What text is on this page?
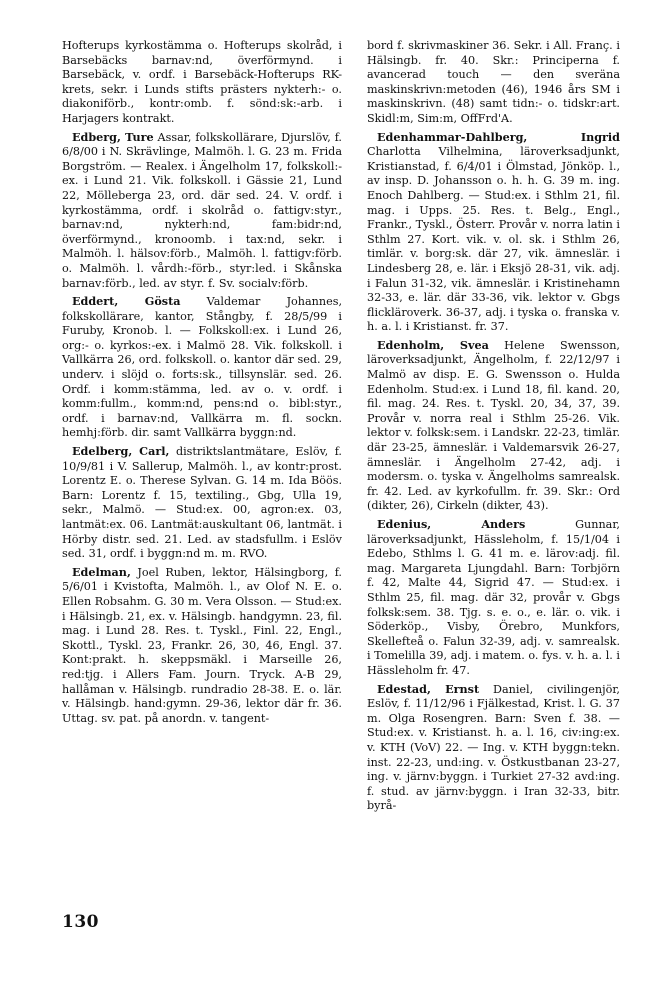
Hofterups kyrkostämma o. Hofterups skolråd, i Barsebäcks barnav:nd, överförmynd. i Barsebäck, v. ordf. i Barsebäck-Hofterups RK-krets, sekr. i Lunds stifts prästers nykterh:- o. diakoniförb., kontr:omb. f. sönd:sk:-arb. i Harjagers kontrakt.

Edberg, Ture Assar, folkskollärare, Djurslöv, f. 6/8/00 i N. Skrävlinge, Malmöh. l. G. 23 m. Frida Borgström. — Realex. i Ängelholm 17, folkskoll:-ex. i Lund 21. Vik. folkskoll. i Gässie 21, Lund 22, Mölleberga 23, ord. där sed. 24. V. ordf. i kyrkostämma, ordf. i skolråd o. fattigv:styr., barnav:nd, nykterh:nd, fam:bidr:nd, överförmynd., kronoomb. i tax:nd, sekr. i Malmöh. l. hälsov:förb., Malmöh. l. fattigv:förb. o. Malmöh. l. vårdh:-förb., styr:led. i Skånska barnav:förb., led. av styr. f. Sv. socialv:förb.

Eddert, Gösta Valdemar Johannes, folkskollärare, kantor, Stångby, f. 28/5/99 i Furuby, Kronob. l. — Folkskoll:ex. i Lund 26, org:- o. kyrkos:-ex. i Malmö 28. Vik. folkskoll. i Vallkärra 26, ord. folkskoll. o. kantor där sed. 29, underv. i slöjd o. forts:sk., tillsynslär. sed. 26. Ordf. i komm:stämma, led. av o. v. ordf. i komm:fullm., komm:nd, pens:nd o. bibl:styr., ordf. i barnav:nd, Vallkärra m. fl. sockn. hemhj:förb. dir. samt Vallkärra byggn:nd.

Edelberg, Carl, distriktslantmätare, Eslöv, f. 10/9/81 i V. Sallerup, Malmöh. l., av kontr:prost. Lorentz E. o. Therese Sylvan. G. 14 m. Ida Böös. Barn: Lorentz f. 15, textiling., Gbg, Ulla 19, sekr., Malmö. — Stud:ex. 00, agron:ex. 03, lantmät:ex. 06. Lantmät:auskultant 06, lantmät. i Hörby distr. sed. 21. Led. av stadsfullm. i Eslöv sed. 31, ordf. i byggn:nd m. m. RVO.

Edelman, Joel Ruben, lektor, Hälsingborg, f. 5/6/01 i Kvistofta, Malmöh. l., av Olof N. E. o. Ellen Robsahm. G. 30 m. Vera Olsson. — Stud:ex. i Hälsingb. 21, ex. v. Hälsingb. handgymn. 23, fil. mag. i Lund 28. Res. t. Tyskl., Finl. 22, Engl., Skottl., Tyskl. 23, Frankr. 26, 30, 46, Engl. 37. Kont:prakt. h. skeppsmäkl. i Marseille 26, red:tjg. i Allers Fam. Journ. Tryck. A-B 29, hallåman v. Hälsingb. rundradio 28-38. E. o. lär. v. Hälsingb. hand:gymn. 29-36, lektor där fr. 36. Uttag. sv. pat. på anordn. v. tangent-

bord f. skrivmaskiner 36. Sekr. i All. Franç. i Hälsingb. fr. 40. Skr.: Principerna f. avancerad touch — den sveräna maskinskrivn:metoden (46), 1946 års SM i maskinskrivn. (48) samt tidn:- o. tidskr:art. Skidl:m, Sim:m, OffFrd'A.

Edenhammar-Dahlberg, Ingrid Charlotta Vilhelmina, läroverksadjunkt, Kristianstad, f. 6/4/01 i Ölmstad, Jönköp. l., av insp. D. Johansson o. h. h. G. 39 m. ing. Enoch Dahlberg. — Stud:ex. i Sthlm 21, fil. mag. i Upps. 25. Res. t. Belg., Engl., Frankr., Tyskl., Österr. Provår v. norra latin i Sthlm 27. Kort. vik. v. ol. sk. i Sthlm 26, timlär. v. borg:sk. där 27, vik. ämneslär. i Lindesberg 28, e. lär. i Eksjö 28-31, vik. adj. i Falun 31-32, vik. ämneslär. i Kristinehamn 32-33, e. lär. där 33-36, vik. lektor v. Gbgs flickläroverk. 36-37, adj. i tyska o. franska v. h. a. l. i Kristianst. fr. 37.

Edenholm, Svea Helene Swensson, läroverksadjunkt, Ängelholm, f. 22/12/97 i Malmö av disp. E. G. Swensson o. Hulda Edenholm. Stud:ex. i Lund 18, fil. kand. 20, fil. mag. 24. Res. t. Tyskl. 20, 34, 37, 39. Provår v. norra real i Sthlm 25-26. Vik. lektor v. folksk:sem. i Landskr. 22-23, timlär. där 23-25, ämneslär. i Valdemarsvik 26-27, ämneslär. i Ängelholm 27-42, adj. i modersm. o. tyska v. Ängelholms samrealsk. fr. 42. Led. av kyrkofullm. fr. 39. Skr.: Ord (dikter, 26), Cirkeln (dikter, 43).

Edenius, Anders Gunnar, läroverksadjunkt, Hässleholm, f. 15/1/04 i Edebo, Sthlms l. G. 41 m. e. lärov:adj. fil. mag. Margareta Ljungdahl. Barn: Torbjörn f. 42, Malte 44, Sigrid 47. — Stud:ex. i Sthlm 25, fil. mag. där 32, provår v. Gbgs folksk:sem. 38. Tjg. s. e. o., e. lär. o. vik. i Söderköp., Visby, Örebro, Munkfors, Skellefteå o. Falun 32-39, adj. v. samrealsk. i Tomelilla 39, adj. i matem. o. fys. v. h. a. l. i Hässleholm fr. 47.

Edestad, Ernst Daniel, civilingenjör, Eslöv, f. 11/12/96 i Fjälkestad, Krist. l. G. 37 m. Olga Rosengren. Barn: Sven f. 38. — Stud:ex. v. Kristianst. h. a. l. 16, civ:ing:ex. v. KTH (VoV) 22. — Ing. v. KTH byggn:tekn. inst. 22-23, und:ing. v. Östkustbanan 23-27, ing. v. järnv:byggn. i Turkiet 27-32 avd:ing. f. stud. av järnv:byggn. i Iran 32-33, bitr. byrå-

130
